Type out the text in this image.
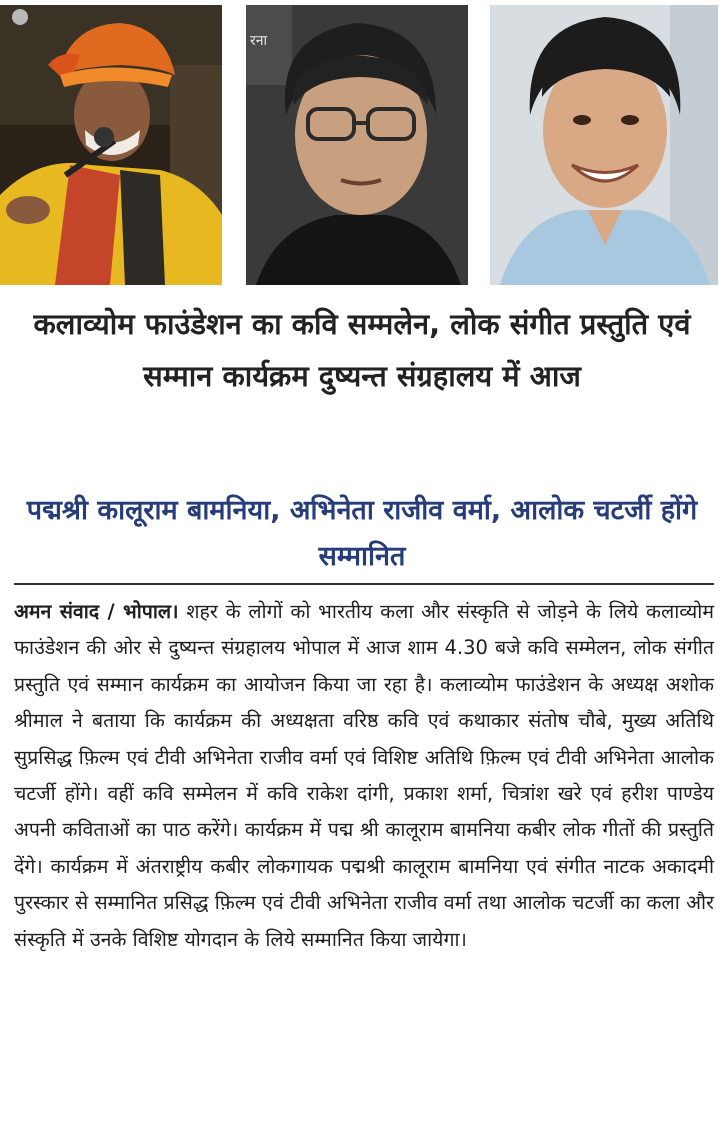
रना
कलाव्योम फाउंडेशन का कवि सम्मलेन, लोक संगीत प्रस्तुति एवं सम्मान कार्यक्रम दुष्यन्त संग्रहालय में आज
पद्मश्री कालूराम बामनिया, अभिनेता राजीव वर्मा, आलोक चटर्जी होंगे सम्मानित
अमन संवाद / भोपाल। शहर के लोगों को भारतीय कला और संस्कृति से जोड़ने के लिये कलाव्योम फाउंडेशन की ओर से दुष्यन्त संग्रहालय भोपाल में आज शाम 4.30 बजे कवि सम्मेलन, लोक संगीत प्रस्तुति एवं सम्मान कार्यक्रम का आयोजन किया जा रहा है। कलाव्योम फाउंडेशन के अध्यक्ष अशोक श्रीमाल ने बताया कि कार्यक्रम की अध्यक्षता वरिष्ठ कवि एवं कथाकार संतोष चौबे, मुख्य अतिथि सुप्रसिद्ध फ़िल्म एवं टीवी अभिनेता राजीव वर्मा एवं विशिष्ट अतिथि फ़िल्म एवं टीवी अभिनेता आलोक चटर्जी होंगे। वहीं कवि सम्मेलन में कवि राकेश दांगी, प्रकाश शर्मा, चित्रांश खरे एवं हरीश पाण्डेय अपनी कविताओं का पाठ करेंगे। कार्यक्रम में पद्म श्री कालूराम बामनिया कबीर लोक गीतों की प्रस्तुति देंगे। कार्यक्रम में अंतराष्ट्रीय कबीर लोकगायक पद्मश्री कालूराम बामनिया एवं संगीत नाटक अकादमी पुरस्कार से सम्मानित प्रसिद्ध फ़िल्म एवं टीवी अभिनेता राजीव वर्मा तथा आलोक चटर्जी का कला और संस्कृति में उनके विशिष्ट योगदान के लिये सम्मानित किया जायेगा।
